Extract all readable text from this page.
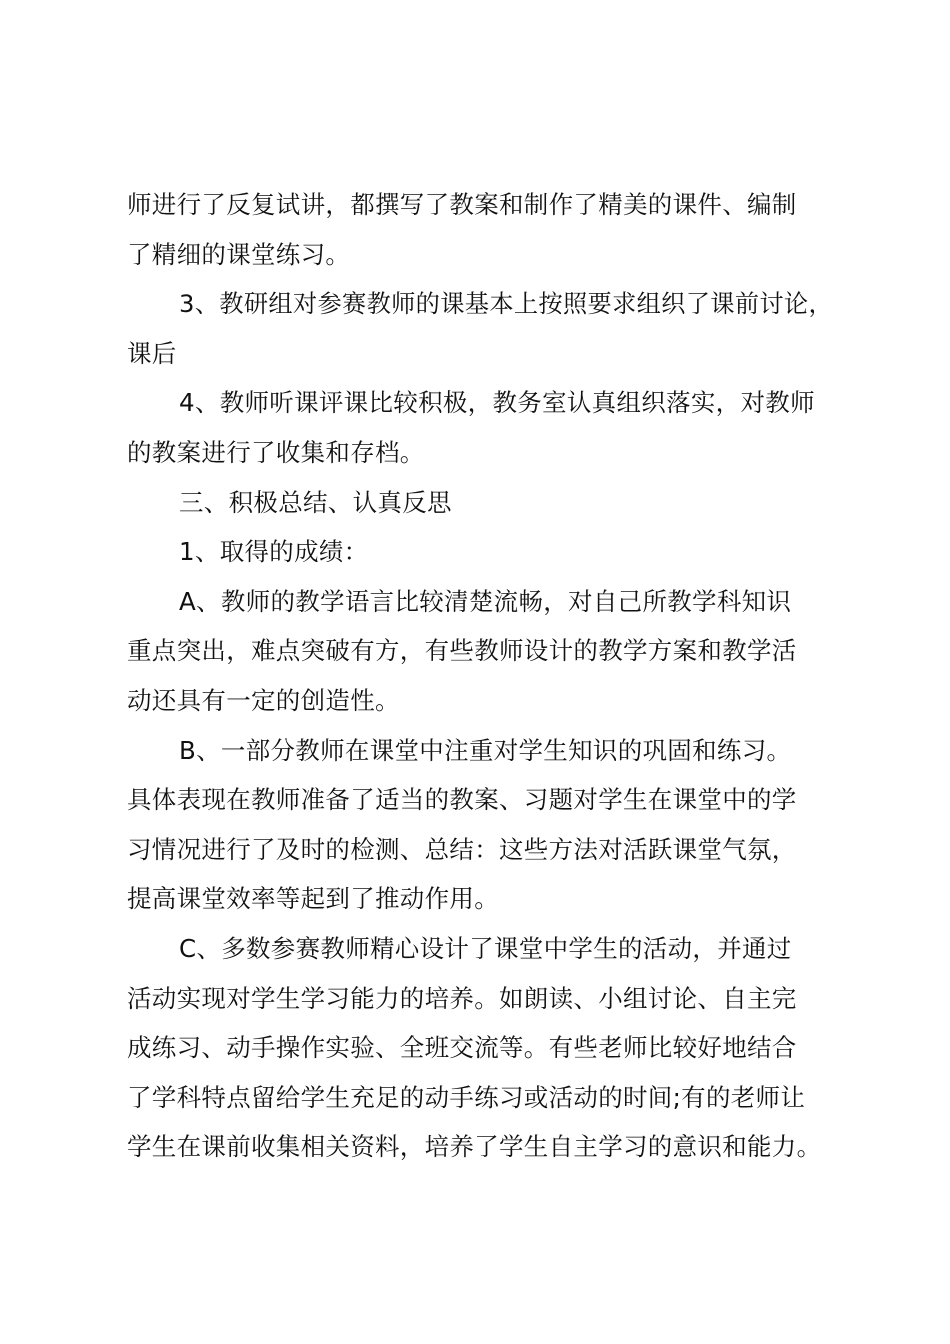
师进行了反复试讲，都撰写了教案和制作了精美的课件、编制
了精细的课堂练习。

3、教研组对参赛教师的课基本上按照要求组织了课前讨论，
课后

4、教师听课评课比较积极，教务室认真组织落实，对教师
的教案进行了收集和存档。

三、积极总结、认真反思

1、取得的成绩：

A、教师的教学语言比较清楚流畅，对自己所教学科知识
重点突出，难点突破有方，有些教师设计的教学方案和教学活
动还具有一定的创造性。

B、一部分教师在课堂中注重对学生知识的巩固和练习。
具体表现在教师准备了适当的教案、习题对学生在课堂中的学
习情况进行了及时的检测、总结：这些方法对活跃课堂气氛，
提高课堂效率等起到了推动作用。

C、多数参赛教师精心设计了课堂中学生的活动，并通过
活动实现对学生学习能力的培养。如朗读、小组讨论、自主完
成练习、动手操作实验、全班交流等。有些老师比较好地结合
了学科特点留给学生充足的动手练习或活动的时间;有的老师让
学生在课前收集相关资料，培养了学生自主学习的意识和能力。
